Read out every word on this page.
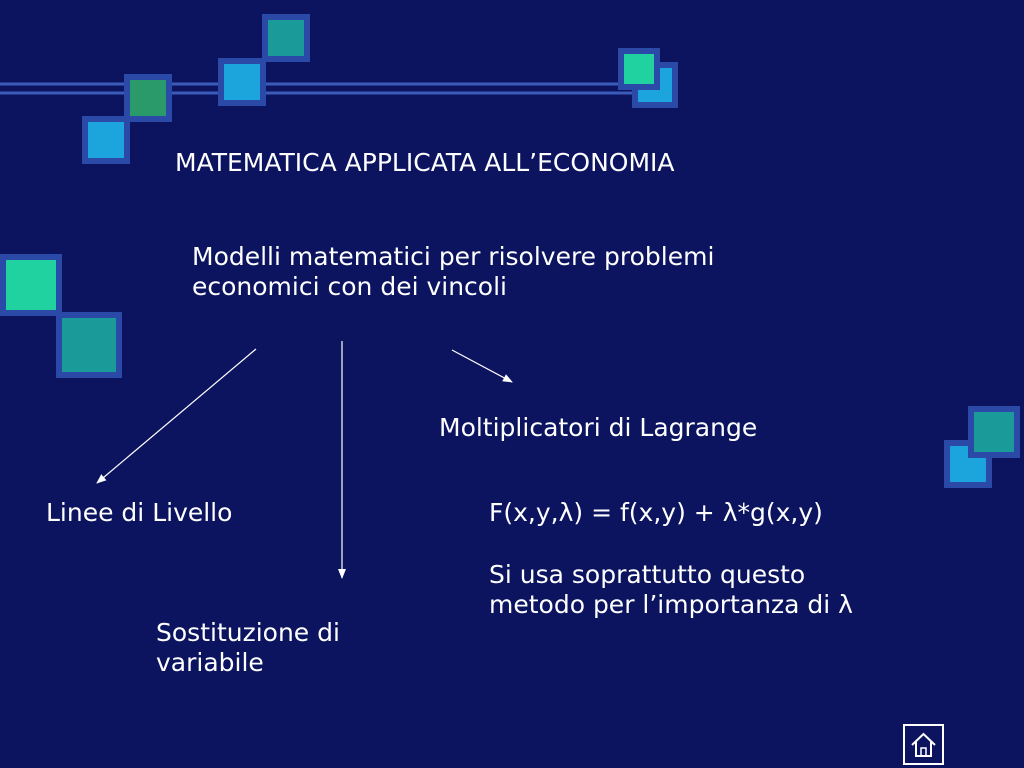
MATEMATICA APPLICATA ALL’ECONOMIA

Modelli matematici per risolvere problemi
economici con dei vincoli

Moltiplicatori di Lagrange

Linee di Livello	F(x,y,λ) = f(x,y) + λ*g(x,y)

Si usa soprattutto questo
metodo per l’importanza di λ

Sostituzione di
variabile
